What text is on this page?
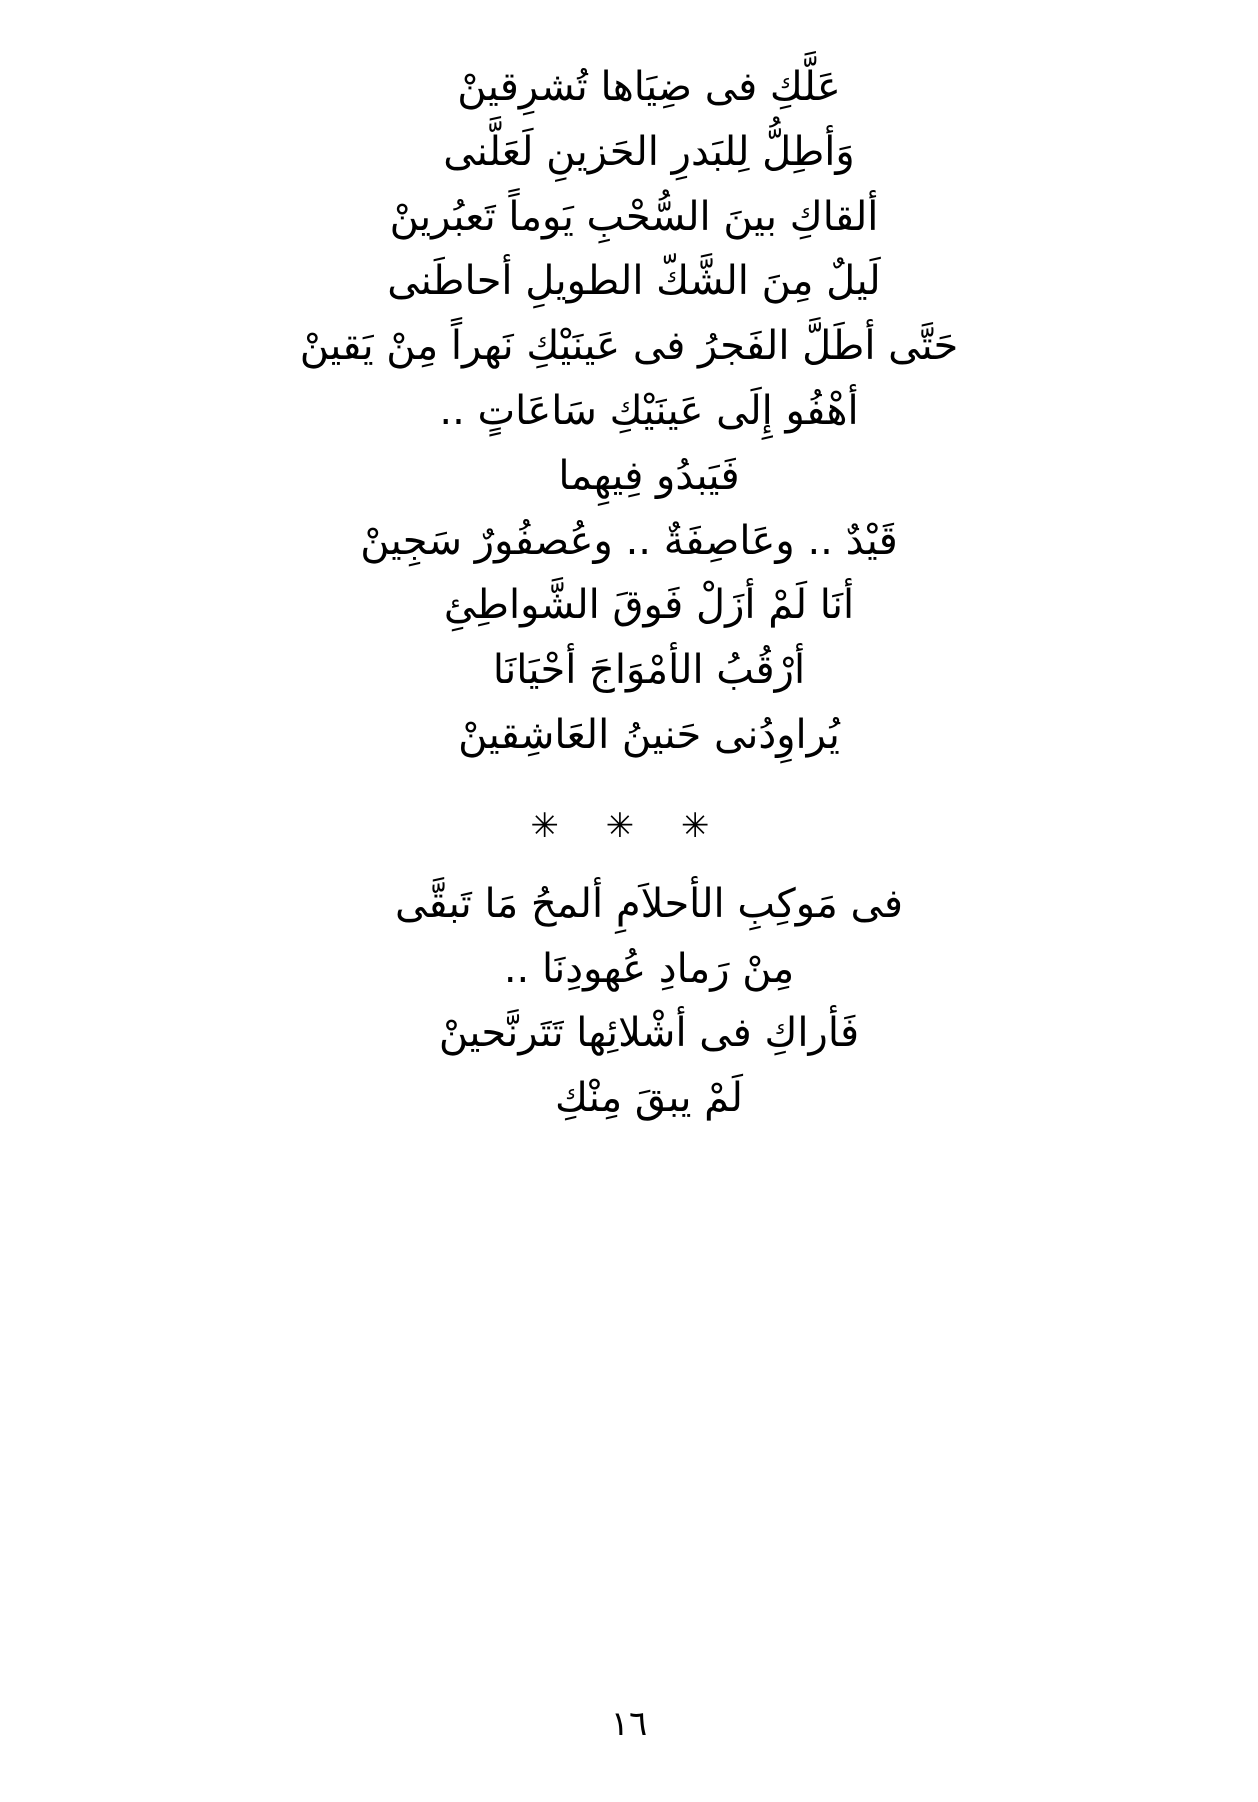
عَلَّكِ فى ضِيَاها تُشرِقينْ
وَأطِلُّ لِلبَدرِ الحَزينِ لَعَلَّنى
ألقاكِ بينَ السُّحْبِ يَوماً تَعبُرينْ
لَيلٌ مِنَ الشَّكّ الطويلِ أحاطَنى
حَتَّى أطَلَّ الفَجرُ فى عَينَيْكِ نَهراً مِنْ يَقينْ
أهْفُو إِلَى عَينَيْكِ سَاعَاتٍ ..
فَيَبدُو فِيهِما
قَيْدٌ .. وعَاصِفَةٌ .. وعُصفُورٌ سَجِينْ
أنَا لَمْ أزَلْ فَوقَ الشَّواطِئِ
أرْقُبُ الأمْوَاجَ أحْيَانَا
يُراوِدُنى حَنينُ العَاشِقينْ
✳ ✳ ✳
فى مَوكِبِ الأحلاَمِ ألمحُ مَا تَبقَّى
مِنْ رَمادِ عُهودِنَا ..
فَأراكِ فى أشْلائِها تَتَرنَّحينْ
لَمْ يبقَ مِنْكِ
١٦
